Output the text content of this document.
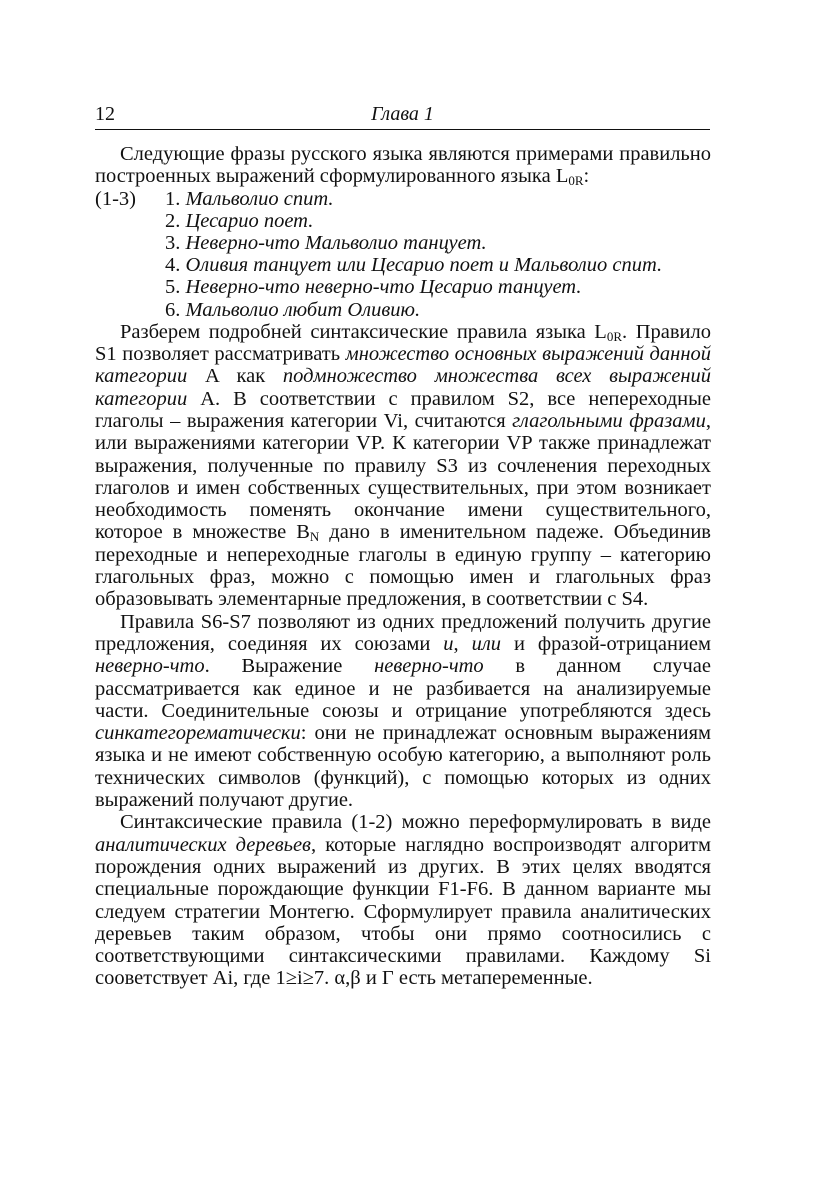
12	Глава 1

Следующие фразы русского языка являются примерами правильно построенных выражений сформулированного языка $L_{0R}$:

(1-3)	1. Мальволио спит.

2. Цесарио поет.

3. Неверно-что Мальволио танцует.

4. Оливия танцует или Цесарио поет и Мальволио спит.

5. Неверно-что неверно-что Цесарио танцует.

6. Мальволио любит Оливию.

Разберем подробней синтаксические правила языка $L_{0R}$. Правило S1 позволяет рассматривать множество основных выражений данной категории A как подмножество множества всех выражений категории A. В соответствии с правилом S2, все непереходные глаголы – выражения категории Vi, считаются глагольными фразами, или выражениями категории VP. К категории VP также принадлежат выражения, полученные по правилу S3 из сочленения переходных глаголов и имен собственных существительных, при этом возникает необходимость поменять окончание имени существительного, которое в множестве $B_N$ дано в именительном падеже. Объединив переходные и непереходные глаголы в единую группу – категорию глагольных фраз, можно с помощью имен и глагольных фраз образовывать элементарные предложения, в соответствии с S4.

Правила S6-S7 позволяют из одних предложений получить другие предложения, соединяя их союзами и, или и фразой-отрицанием неверно-что. Выражение неверно-что в данном случае рассматривается как единое и не разбивается на анализируемые части. Соединительные союзы и отрицание употребляются здесь синкатегорематически: они не принадлежат основным выражениям языка и не имеют собственную особую категорию, а выполняют роль технических символов (функций), с помощью которых из одних выражений получают другие.

Синтаксические правила (1-2) можно переформулировать в виде аналитических деревьев, которые наглядно воспроизводят алгоритм порождения одних выражений из других. В этих целях вводятся специальные порождающие функции F1-F6. В данном варианте мы следуем стратегии Монтегю. Сформулирует правила аналитических деревьев таким образом, чтобы они прямо соотносились с соответствующими синтаксическими правилами. Каждому Si сооветствует Ai, где 1≥i≥7. α,β и Γ есть метапеременные.
